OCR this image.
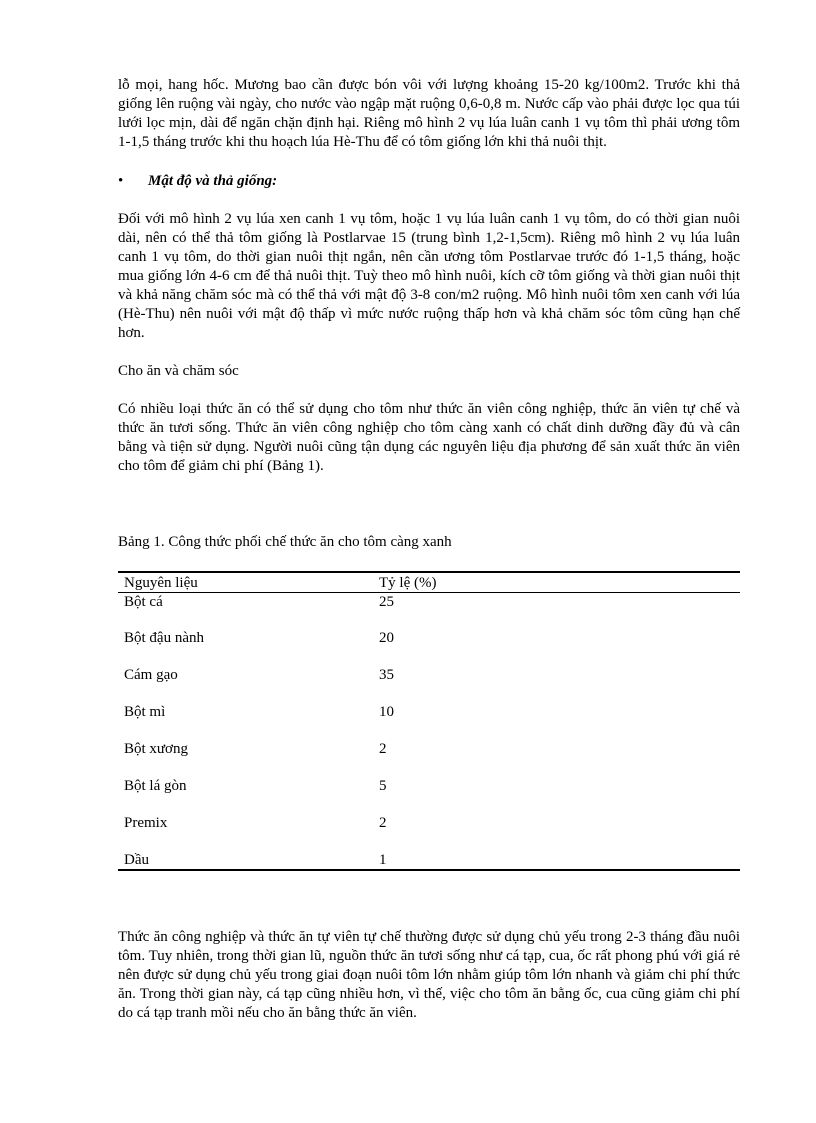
lỗ mọi, hang hốc. Mương bao cần được bón vôi với lượng khoảng 15-20 kg/100m2. Trước khi thả giống lên ruộng vài ngày, cho nước vào ngập mặt ruộng 0,6-0,8 m. Nước cấp vào phải được lọc qua túi lưới lọc mịn, dài để ngăn chặn định hại. Riêng mô hình 2 vụ lúa luân canh 1 vụ tôm thì phải ương tôm 1-1,5 tháng trước khi thu hoạch lúa Hè-Thu để có tôm giống lớn khi thả nuôi thịt.

• Mật độ và thả giống:

Đối với mô hình 2 vụ lúa xen canh 1 vụ tôm, hoặc 1 vụ lúa luân canh 1 vụ tôm, do có thời gian nuôi dài, nên có thể thả tôm giống là Postlarvae 15 (trung bình 1,2-1,5cm). Riêng mô hình 2 vụ lúa luân canh 1 vụ tôm, do thời gian nuôi thịt ngắn, nên cần ương tôm Postlarvae trước đó 1-1,5 tháng, hoặc mua giống lớn 4-6 cm để thả nuôi thịt. Tuỳ theo mô hình nuôi, kích cỡ tôm giống và thời gian nuôi thịt và khả năng chăm sóc mà có thể thả với mật độ 3-8 con/m2 ruộng. Mô hình nuôi tôm xen canh với lúa (Hè-Thu) nên nuôi với mật độ thấp vì mức nước ruộng thấp hơn và khả chăm sóc tôm cũng hạn chế hơn.

Cho ăn và chăm sóc

Có nhiều loại thức ăn có thể sử dụng cho tôm như thức ăn viên công nghiệp, thức ăn viên tự chế và thức ăn tươi sống. Thức ăn viên công nghiệp cho tôm càng xanh có chất dinh dưỡng đầy đủ và cân bằng và tiện sử dụng. Người nuôi cũng tận dụng các nguyên liệu địa phương để sản xuất thức ăn viên cho tôm để giảm chi phí (Bảng 1).

Bảng 1. Công thức phối chế thức ăn cho tôm càng xanh

Nguyên liệu	Tỷ lệ (%)
Bột cá	25
Bột đậu nành	20
Cám gạo	35
Bột mì	10
Bột xương	2
Bột lá gòn	5
Premix	2
Dầu	1

Thức ăn công nghiệp và thức ăn tự viên tự chế thường được sử dụng chủ yếu trong 2-3 tháng đầu nuôi tôm. Tuy nhiên, trong thời gian lũ, nguồn thức ăn tươi sống như cá tạp, cua, ốc rất phong phú với giá rẻ nên được sử dụng chủ yếu trong giai đoạn nuôi tôm lớn nhằm giúp tôm lớn nhanh và giảm chi phí thức ăn. Trong thời gian này, cá tạp cũng nhiều hơn, vì thế, việc cho tôm ăn bằng ốc, cua cũng giảm chi phí do cá tạp tranh mồi nếu cho ăn bằng thức ăn viên.
